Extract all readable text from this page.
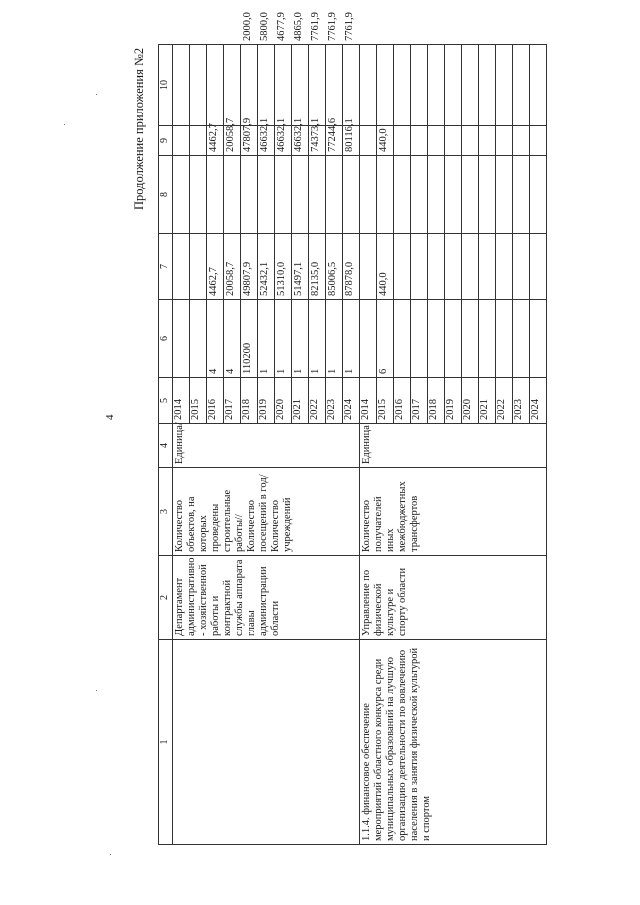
4
Продолжение приложения №2
1	2	3	4	5	6	7	8	9	10	
	Департамент административно - хозяйственной работы и контрактной службы аппарата главы администрации области	Количество объектов, на которых проведены строительные работы// Количество посещений в год/ Количество учреждений	Единица/	2014						
				2015						
				2016	4	4462,7		4462,7		
				2017	4	20058,7		20058,7		
				2018	110200	49807,9		47807,9		2000,0
				2019	1	52432,1		46632,1		5800,0
				2020	1	51310,0		46632,1		4677,9
				2021	1	51497,1		46632,1		4865,0
				2022	1	82135,0		74373,1		7761,9
				2023	1	85006,5		77244,6		7761,9
				2024	1	87878,0		80116,1		7761,9
1.1.4. финансовое обеспечение мероприятий областного конкурса среди муниципальных образований на лучшую организацию деятельности по вовлечению населения в занятия физической культурой и спортом	Управление по физической культуре и спорту области	Количество получателей иных межбюджетных трансфертов	Единица	2014						
				2015	6	440,0		440,0		
				2016						
				2017						
				2018						
				2019						
				2020						
				2021						
				2022						
				2023						
				2024						
